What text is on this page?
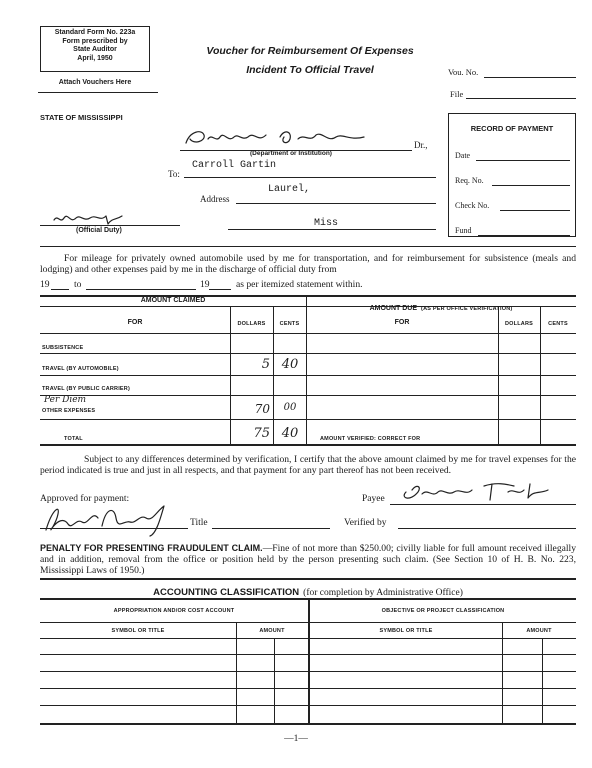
Standard Form No. 223a
Form prescribed by
State Auditor
April, 1950
Attach Vouchers Here
Voucher for Reimbursement Of Expenses
Incident To Official Travel	Vou. No.
File
STATE OF MISSISSIPPI
Dr.,
(Department or Institution)
Carroll Gartin
To:
Laurel,
Address
Miss
(Official Duty)
RECORD OF PAYMENT
Date
Req. No.
Check No.
Fund
For mileage for privately owned automobile used by me for transportation, and for reimbursement for subsistence (meals and lodging) and other expenses paid by me in the discharge of official duty from
19	to	19	as per itemized statement within.
AMOUNT CLAIMED
AMOUNT DUE (AS PER OFFICE VERIFICATION)
FOR	DOLLARS	CENTS	FOR	DOLLARS	CENTS
SUBSISTENCE
TRAVEL (BY AUTOMOBILE)	5 40
TRAVEL (BY PUBLIC CARRIER)
Per Diem
OTHER EXPENSES	70	00
TOTAL	75 40	AMOUNT VERIFIED: CORRECT FOR
Subject to any differences determined by verification, I certify that the above amount claimed by me for travel expenses for the period indicated is true and just in all respects, and that payment for any part thereof has not been received.
Approved for payment:	Payee
Title	Verified by
PENALTY FOR PRESENTING FRAUDULENT CLAIM.—Fine of not more than $250.00; civilly liable for full amount received illegally and in addition, removal from the office or position held by the person presenting such claim. (See Section 10 of H. B. No. 223, Mississippi Laws of 1950.)
ACCOUNTING CLASSIFICATION (for completion by Administrative Office)
APPROPRIATION AND/OR COST ACCOUNT	OBJECTIVE OR PROJECT CLASSIFICATION
SYMBOL OR TITLE	AMOUNT	SYMBOL OR TITLE	AMOUNT
—1—
